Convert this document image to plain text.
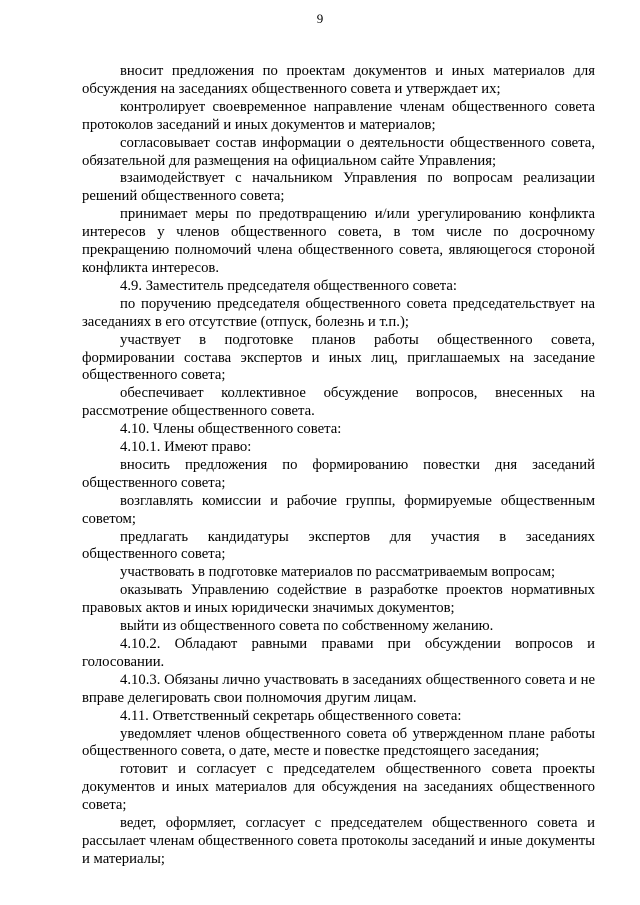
9

вносит предложения по проектам документов и иных материалов для обсуждения на заседаниях общественного совета и утверждает их;

контролирует своевременное направление членам общественного совета протоколов заседаний и иных документов и материалов;

согласовывает состав информации о деятельности общественного совета, обязательной для размещения на официальном сайте Управления;

взаимодействует с начальником Управления по вопросам реализации решений общественного совета;

принимает меры по предотвращению и/или урегулированию конфликта интересов у членов общественного совета, в том числе по досрочному прекращению полномочий члена общественного совета, являющегося стороной конфликта интересов.

4.9. Заместитель председателя общественного совета:

по поручению председателя общественного совета председательствует на заседаниях в его отсутствие (отпуск, болезнь и т.п.);

участвует в подготовке планов работы общественного совета, формировании состава экспертов и иных лиц, приглашаемых на заседание общественного совета;

обеспечивает коллективное обсуждение вопросов, внесенных на рассмотрение общественного совета.

4.10. Члены общественного совета:

4.10.1. Имеют право:

вносить предложения по формированию повестки дня заседаний общественного совета;

возглавлять комиссии и рабочие группы, формируемые общественным советом;

предлагать кандидатуры экспертов для участия в заседаниях общественного совета;

участвовать в подготовке материалов по рассматриваемым вопросам;

оказывать Управлению содействие в разработке проектов нормативных правовых актов и иных юридически значимых документов;

выйти из общественного совета по собственному желанию.

4.10.2. Обладают равными правами при обсуждении вопросов и голосовании.

4.10.3. Обязаны лично участвовать в заседаниях общественного совета и не вправе делегировать свои полномочия другим лицам.

4.11. Ответственный секретарь общественного совета:

уведомляет членов общественного совета об утвержденном плане работы общественного совета, о дате, месте и повестке предстоящего заседания;

готовит и согласует с председателем общественного совета проекты документов и иных материалов для обсуждения на заседаниях общественного совета;

ведет, оформляет, согласует с председателем общественного совета и рассылает членам общественного совета протоколы заседаний и иные документы и материалы;
